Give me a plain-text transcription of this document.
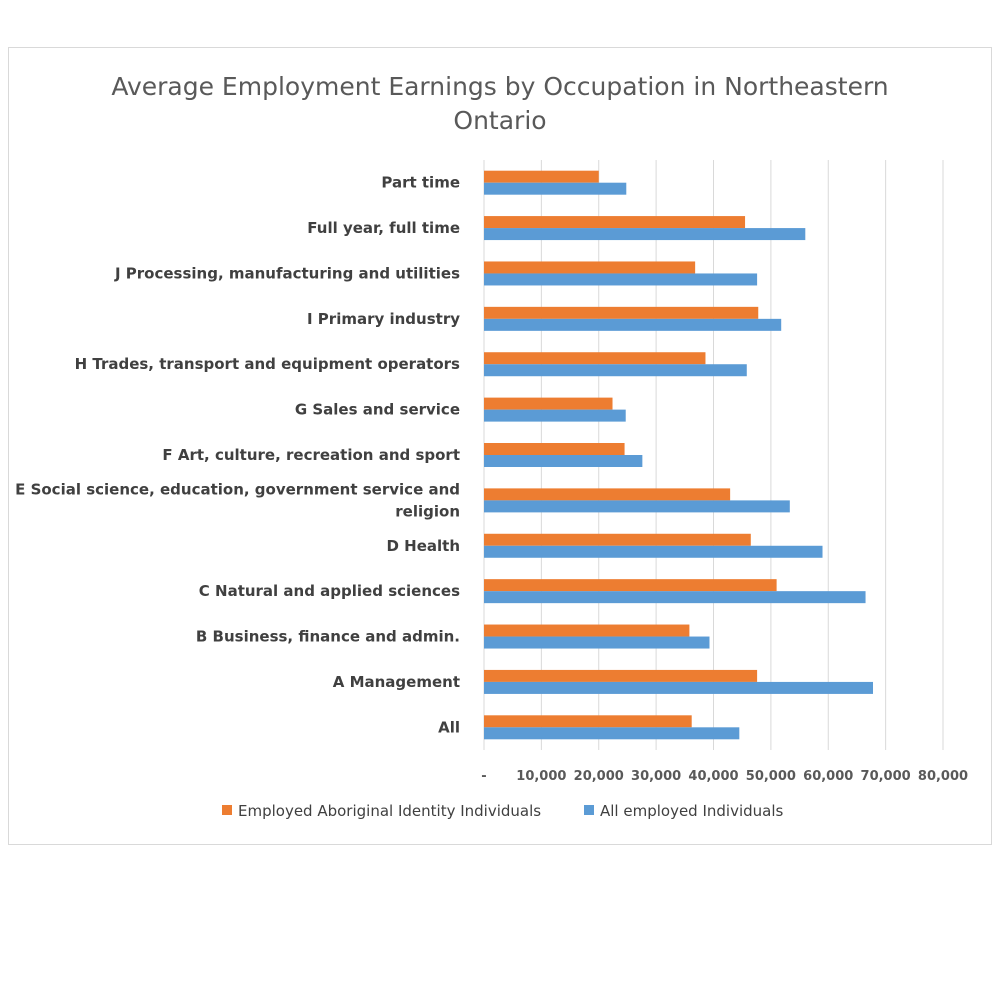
Average Employment Earnings by Occupation in Northeastern
Ontario
- 10,000 20,000 30,000 40,000 50,000 60,000 70,000 80,000
Part time
Full year, full time
J Processing, manufacturing and utilities
I Primary industry
H Trades, transport and equipment operators
G Sales and service
F Art, culture, recreation and sport
E Social science, education, government service and
religion
D Health
C Natural and applied sciences
B Business, finance and admin.
A Management
All
Employed Aboriginal Identity Individuals	All employed Individuals
